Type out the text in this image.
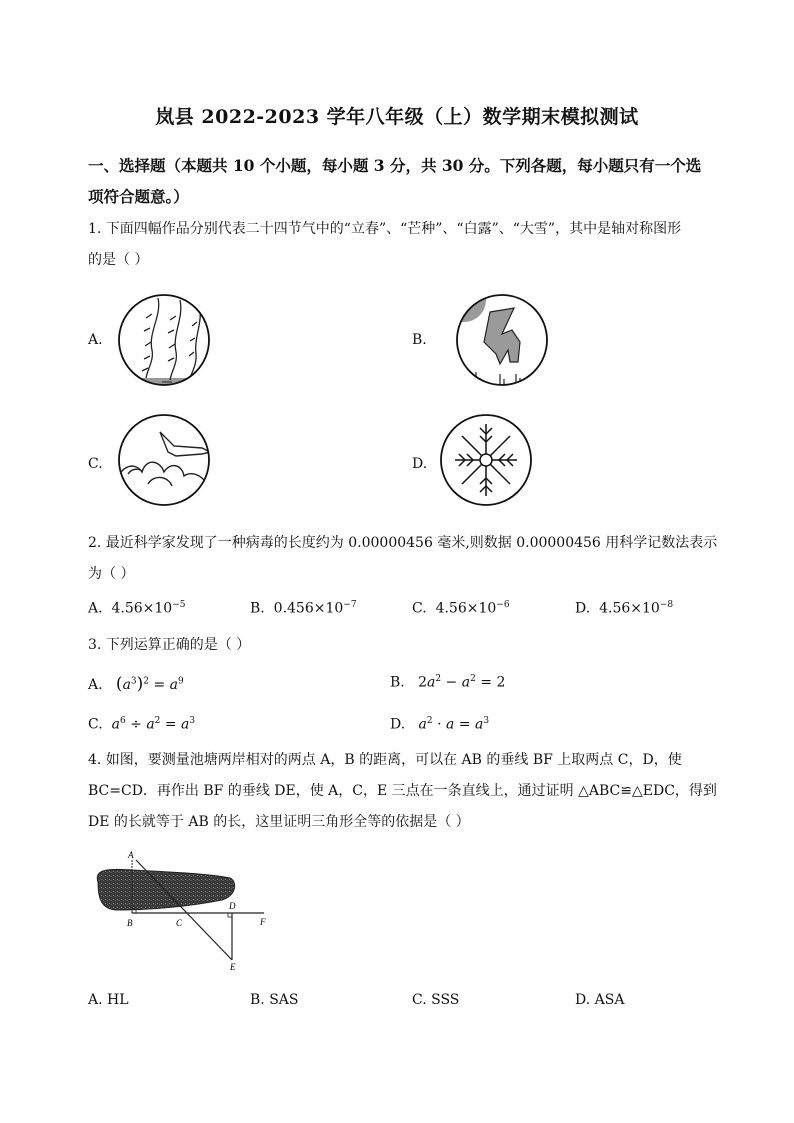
岚县 2022-2023 学年八年级（上）数学期末模拟测试
一、选择题（本题共 10 个小题，每小题 3 分，共 30 分。下列各题，每小题只有一个选
项符合题意。）
1. 下面四幅作品分别代表二十四节气中的“立春”、“芒种”、“白露”、“大雪”，其中是轴对称图形
的是（ ）
A.	B.
C.	D.
2. 最近科学家发现了一种病毒的长度约为 0.00000456 毫米,则数据 0.00000456 用科学记数法表示
为（ ）
A. $4.56\times 10^{-5}$	B. $0.456\times 10^{-7}$	C. $4.56\times 10^{-6}$	D. $4.56\times 10^{-8}$
3. 下列运算正确的是（ ）
A. $(a^3)^2 = a^9$	B.   $2a^2 - a^2 = 2$
C. $a^6 \div a^2 = a^3$	D. $a^2 \cdot a = a^3$
4. 如图，要测量池塘两岸相对的两点 A，B 的距离，可以在 AB 的垂线 BF 上取两点 C，D，使
BC=CD．再作出 BF 的垂线 DE，使 A，C，E 三点在一条直线上，通过证明 △ABC≌△EDC，得到
DE 的长就等于 AB 的长，这里证明三角形全等的依据是（ ）
A
B	C
D
E
F
A. HL	B. SAS	C. SSS	D. ASA
